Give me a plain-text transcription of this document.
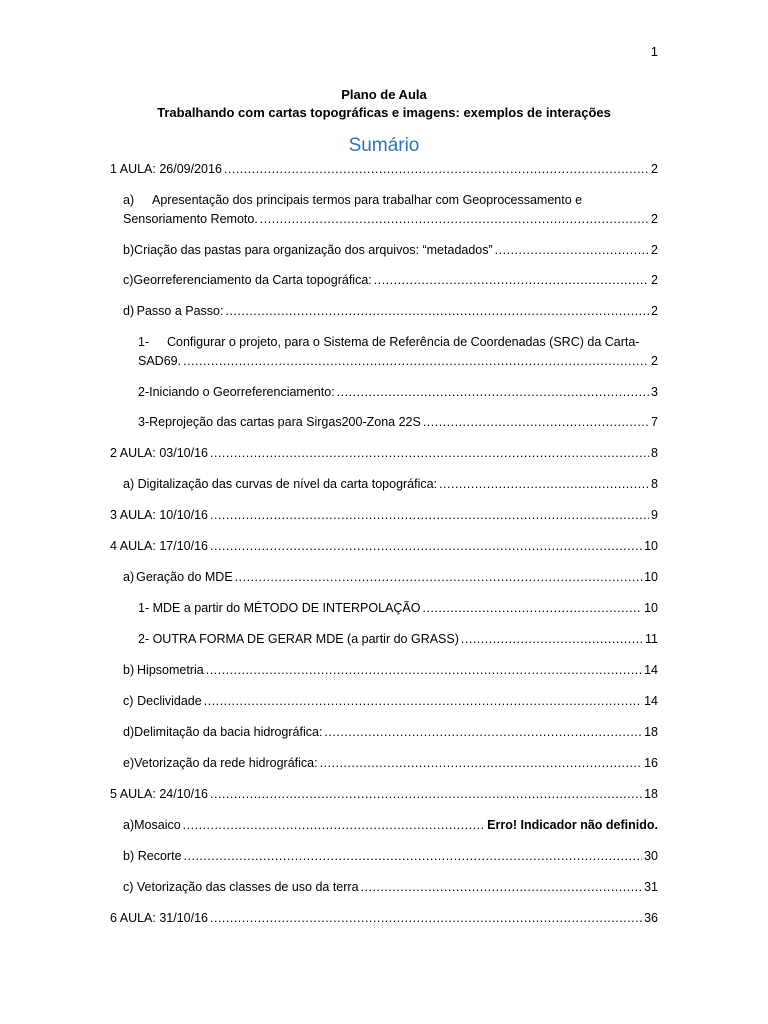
1
Plano de Aula
Trabalhando com cartas topográficas e imagens: exemplos de interações
Sumário
1 AULA: 26/09/2016 .....	2
a) Apresentação dos principais termos para trabalhar com Geoprocessamento e
Sensoriamento Remoto. .....	2
b) Criação das pastas para organização dos arquivos: “metadados” .....	2
c) Georreferenciamento da Carta topográfica: .....	2
d) Passo a Passo: .....	2
1- Configurar o projeto, para o Sistema de Referência de Coordenadas (SRC) da Carta-
SAD69. .....	2
2- Iniciando o Georreferenciamento: .....	3
3- Reprojeção das cartas para Sirgas200-Zona 22S .....	7
2 AULA: 03/10/16 .....	8
a) Digitalização das curvas de nível da carta topográfica: .....	8
3 AULA: 10/10/16 .....	9
4 AULA: 17/10/16 .....	10
a) Geração do MDE .....	10
1- MDE a partir do MÉTODO DE INTERPOLAÇÃO .....	10
2- OUTRA FORMA DE GERAR MDE (a partir do GRASS) .....	11
b) Hipsometria .....	14
c) Declividade .....	14
d) Delimitação da bacia hidrográfica: .....	18
e) Vetorização da rede hidrográfica: .....	16
5 AULA: 24/10/16 .....	18
a) Mosaico .....	Erro! Indicador não definido.
b) Recorte .....	30
c) Vetorização das classes de uso da terra .....	31
6 AULA: 31/10/16 .....	36
